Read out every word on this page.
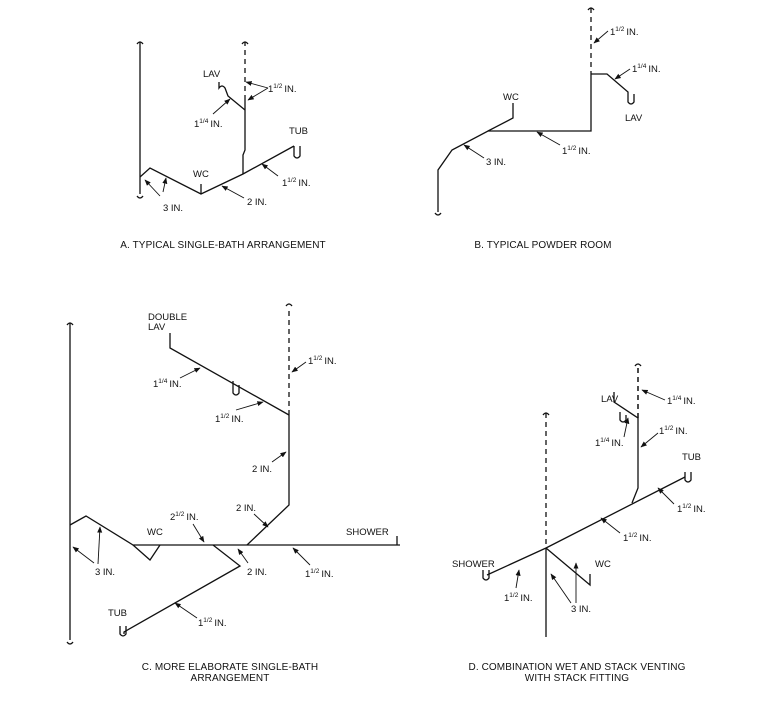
LAV
WC
TUB
$1^{1/2}$ IN.
$1^{1/4}$ IN.
$1^{1/2}$ IN.
2 IN.
3 IN.
A. TYPICAL SINGLE-BATH ARRANGEMENT
WC
LAV
$1^{1/2}$ IN.
$1^{1/4}$ IN.
$1^{1/2}$ IN.
3 IN.
B. TYPICAL POWDER ROOM
DOUBLE
LAV
WC	SHOWER
TUB
$1^{1/2}$ IN.
$1^{1/4}$ IN.
$1^{1/2}$ IN.
2 IN.
2 IN.
$2^{1/2}$ IN.
2 IN.	$1^{1/2}$ IN.
3 IN.
$1^{1/2}$ IN.
C. MORE ELABORATE SINGLE-BATH
ARRANGEMENT
LAV
TUB
WC
SHOWER
$1^{1/4}$ IN.
$1^{1/2}$ IN.
$1^{1/4}$ IN.
$1^{1/2}$ IN.
$1^{1/2}$ IN.
$1^{1/2}$ IN.
3 IN.
D. COMBINATION WET AND STACK VENTING
WITH STACK FITTING
